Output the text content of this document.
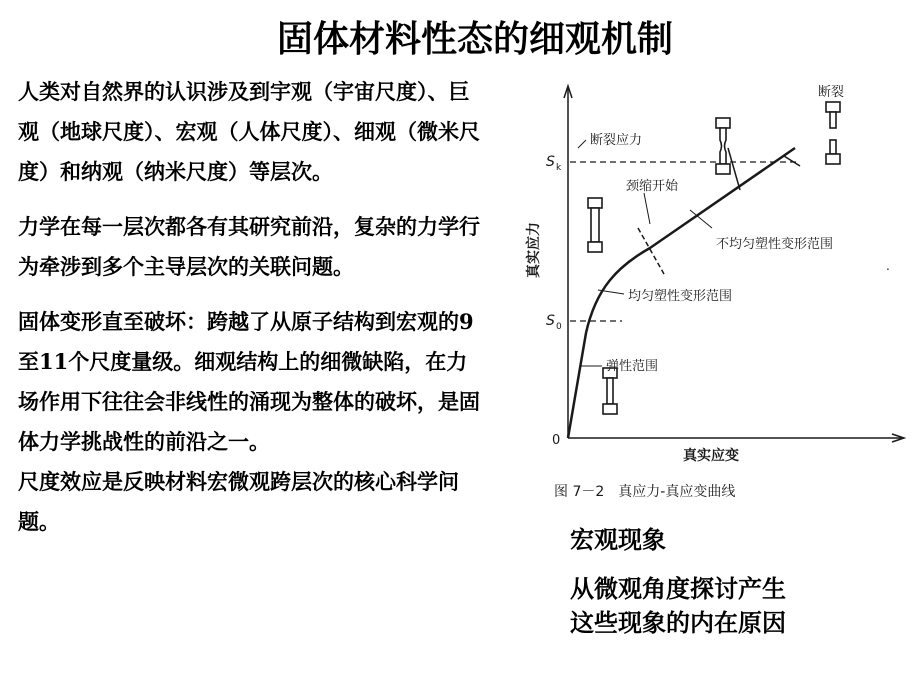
固体材料性态的细观机制

人类对自然界的认识涉及到宇观（宇宙尺度）、巨观（地球尺度）、宏观（人体尺度）、细观（微米尺度）和纳观（纳米尺度）等层次。

力学在每一层次都各有其研究前沿，复杂的力学行为牵涉到多个主导层次的关联问题。

固体变形直至破坏：跨越了从原子结构到宏观的9至11个尺度量级。细观结构上的细微缺陷，在力场作用下往往会非线性的涌现为整体的破坏，是固体力学挑战性的前沿之一。

尺度效应是反映材料宏微观跨层次的核心科学问题。

真实应力
真实应变
0
S k
S 0
断裂
断裂应力
颈缩开始
不均匀塑性变形范围
均匀塑性变形范围
弹性范围
图 7－2　真应力-真应变曲线
.
宏观现象
从微观角度探讨产生
这些现象的内在原因
